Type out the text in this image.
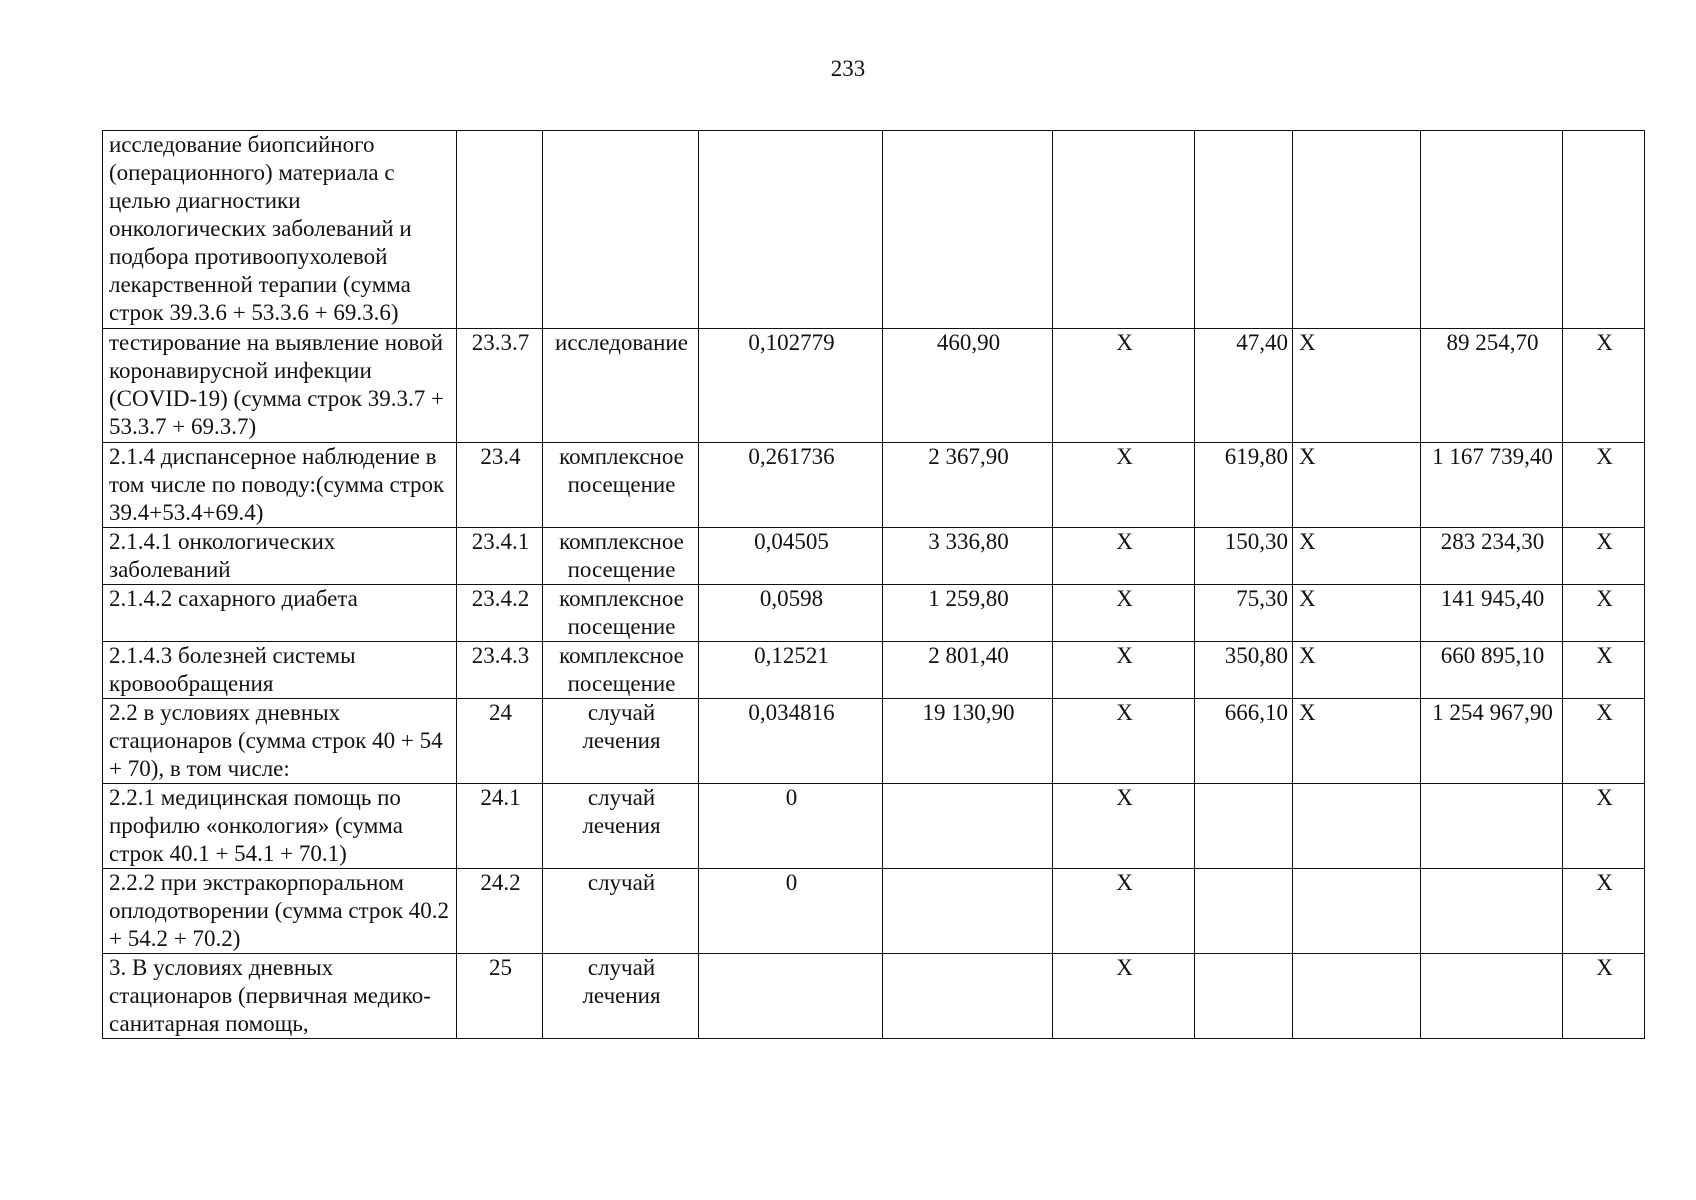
233
исследование биопсийного (операционного) материала с целью диагностики онкологических заболеваний и подбора противоопухолевой лекарственной терапии (сумма строк 39.3.6 + 53.3.6 + 69.3.6)									
тестирование на выявление новой коронавирусной инфекции (COVID-19) (сумма строк 39.3.7 + 53.3.7 + 69.3.7)	23.3.7	исследование	0,102779	460,90	X	47,40	X	89 254,70	X
2.1.4 диспансерное наблюдение в том числе по поводу:(сумма строк 39.4+53.4+69.4)	23.4	комплексное посещение	0,261736	2 367,90	X	619,80	X	1 167 739,40	X
2.1.4.1 онкологических заболеваний	23.4.1	комплексное посещение	0,04505	3 336,80	X	150,30	X	283 234,30	X
2.1.4.2 сахарного диабета	23.4.2	комплексное посещение	0,0598	1 259,80	X	75,30	X	141 945,40	X
2.1.4.3 болезней системы кровообращения	23.4.3	комплексное посещение	0,12521	2 801,40	X	350,80	X	660 895,10	X
2.2 в условиях дневных стационаров (сумма строк 40 + 54 + 70), в том числе:	24	случай лечения	0,034816	19 130,90	X	666,10	X	1 254 967,90	X
2.2.1 медицинская помощь по профилю «онкология» (сумма строк 40.1 + 54.1 + 70.1)	24.1	случай лечения	0		X				X
2.2.2 при экстракорпоральном оплодотворении (сумма строк 40.2 + 54.2 + 70.2)	24.2	случай	0		X				X
3. В условиях дневных стационаров (первичная медико-санитарная помощь,	25	случай лечения			X				X
